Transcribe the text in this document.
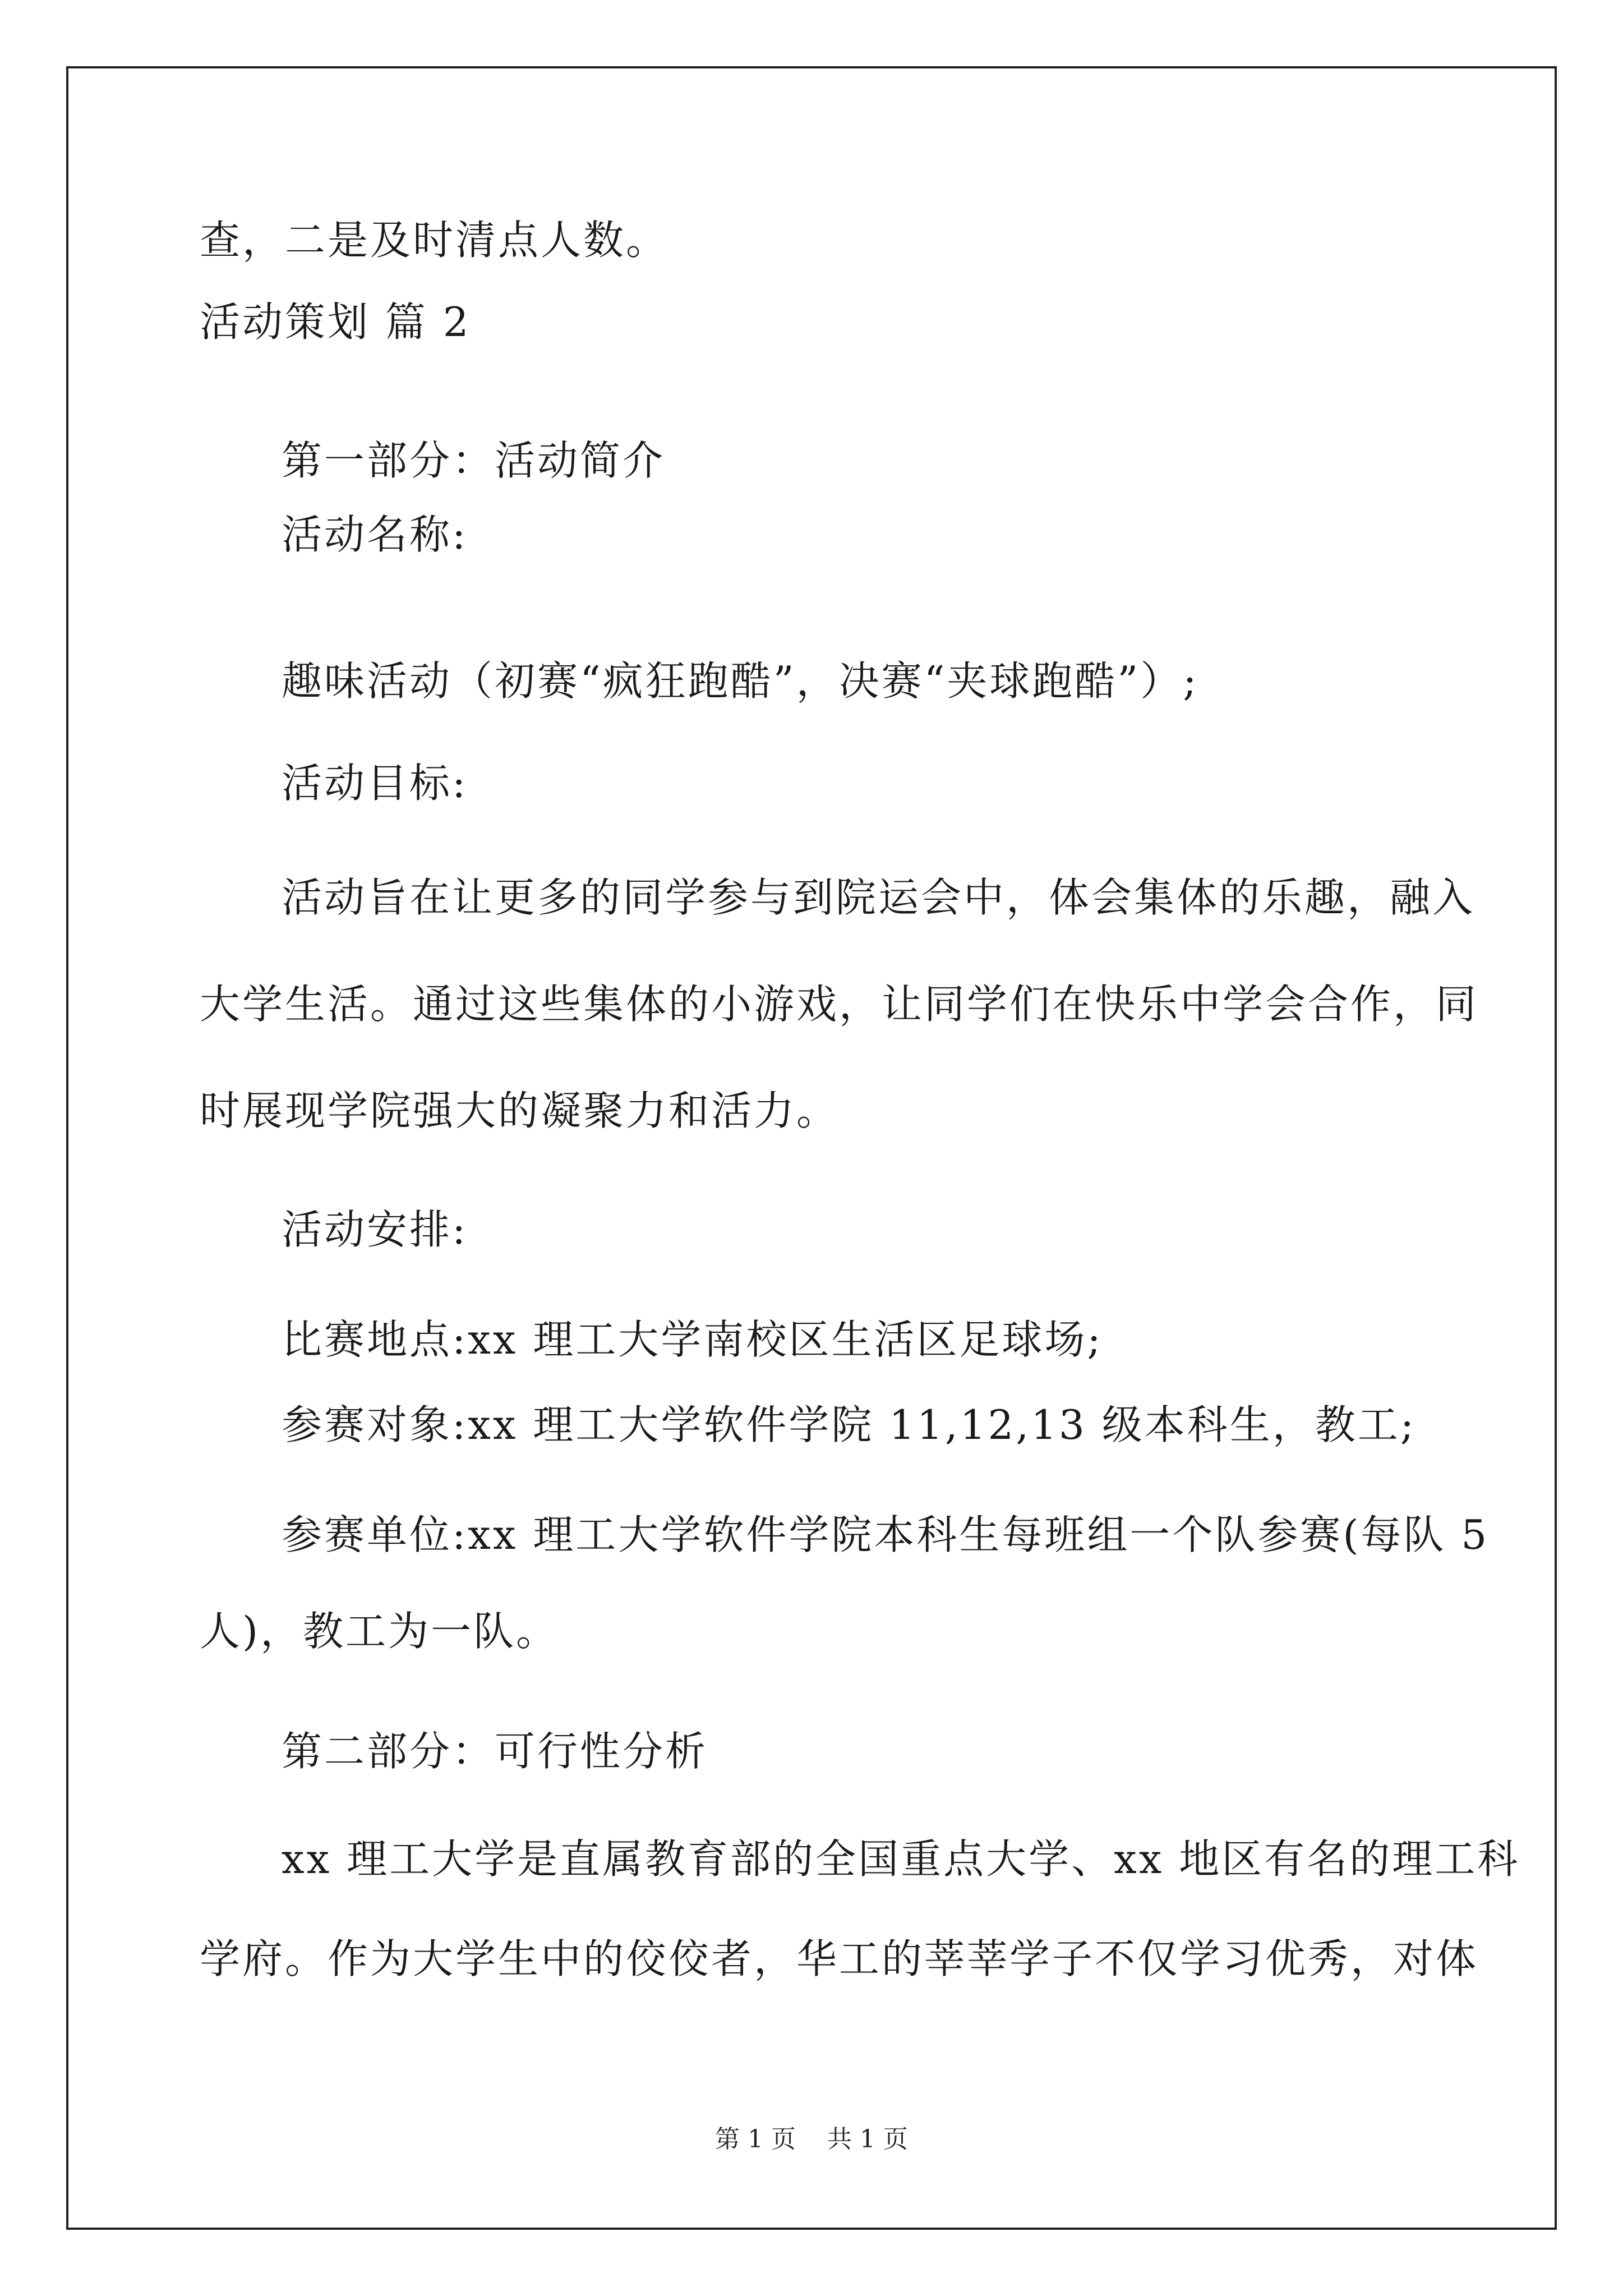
查，二是及时清点人数。
活动策划 篇 2
第一部分：活动简介
活动名称:
趣味活动（初赛“疯狂跑酷”，决赛“夹球跑酷”）;
活动目标:
活动旨在让更多的同学参与到院运会中，体会集体的乐趣，融入
大学生活。通过这些集体的小游戏，让同学们在快乐中学会合作，同
时展现学院强大的凝聚力和活力。
活动安排:
比赛地点:xx 理工大学南校区生活区足球场;
参赛对象:xx 理工大学软件学院 11,12,13 级本科生，教工;
参赛单位:xx 理工大学软件学院本科生每班组一个队参赛(每队 5
人)，教工为一队。
第二部分：可行性分析
xx 理工大学是直属教育部的全国重点大学、xx 地区有名的理工科
学府。作为大学生中的佼佼者，华工的莘莘学子不仅学习优秀，对体
第 1 页    共 1 页
